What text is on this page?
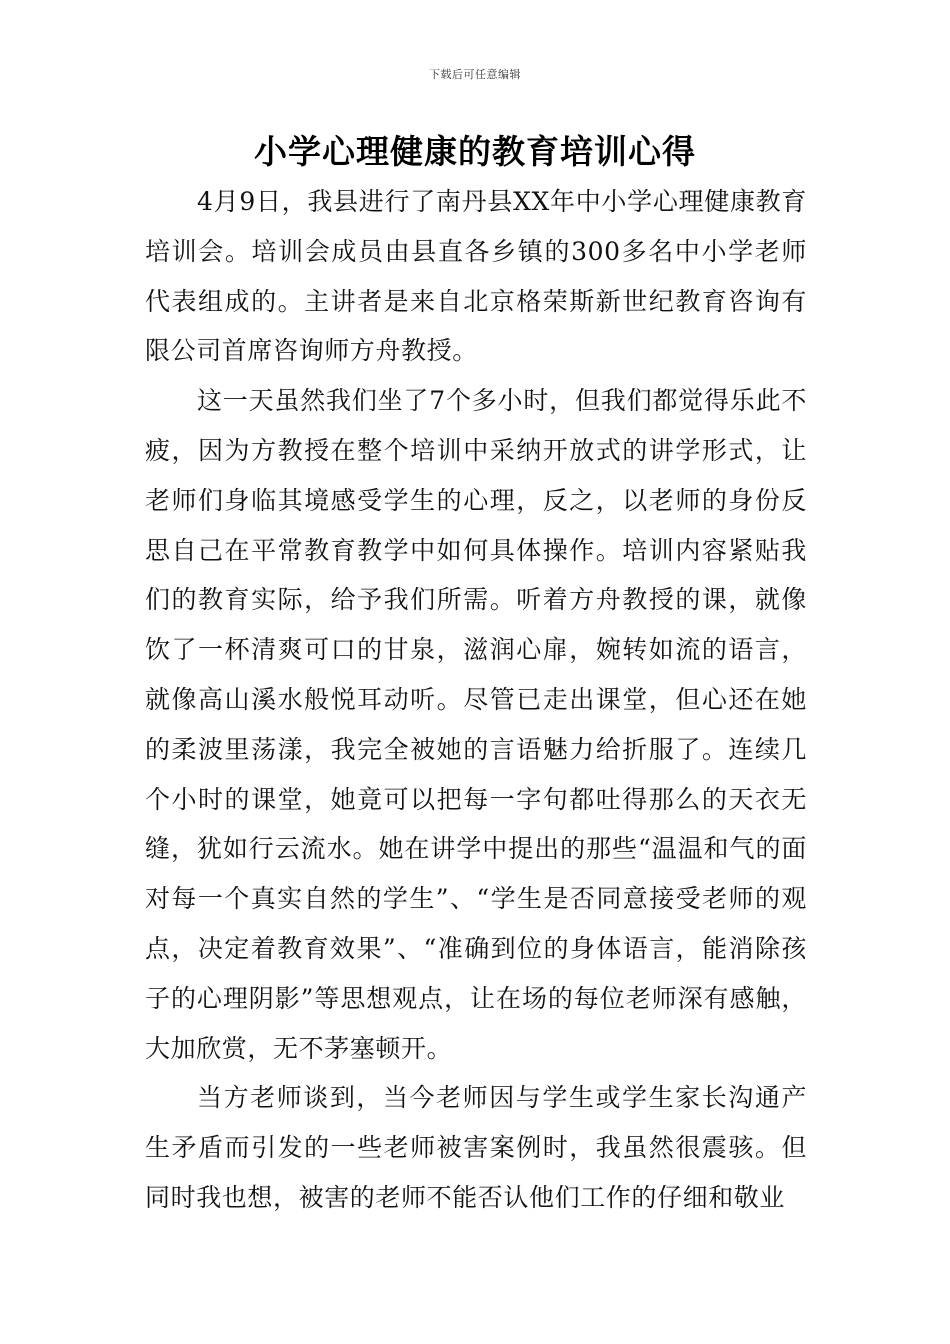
下载后可任意编辑
小学心理健康的教育培训心得

4月9日，我县进行了南丹县XX年中小学心理健康教育培训会。培训会成员由县直各乡镇的300多名中小学老师代表组成的。主讲者是来自北京格荣斯新世纪教育咨询有限公司首席咨询师方舟教授。

这一天虽然我们坐了7个多小时，但我们都觉得乐此不疲，因为方教授在整个培训中采纳开放式的讲学形式，让老师们身临其境感受学生的心理，反之，以老师的身份反思自己在平常教育教学中如何具体操作。培训内容紧贴我们的教育实际，给予我们所需。听着方舟教授的课，就像饮了一杯清爽可口的甘泉，滋润心扉，婉转如流的语言，就像高山溪水般悦耳动听。尽管已走出课堂，但心还在她的柔波里荡漾，我完全被她的言语魅力给折服了。连续几个小时的课堂，她竟可以把每一字句都吐得那么的天衣无缝，犹如行云流水。她在讲学中提出的那些“温温和气的面对每一个真实自然的学生”、“学生是否同意接受老师的观点，决定着教育效果”、“准确到位的身体语言，能消除孩子的心理阴影”等思想观点，让在场的每位老师深有感触，大加欣赏，无不茅塞顿开。

当方老师谈到，当今老师因与学生或学生家长沟通产生矛盾而引发的一些老师被害案例时，我虽然很震骇。但同时我也想，被害的老师不能否认他们工作的仔细和敬业
